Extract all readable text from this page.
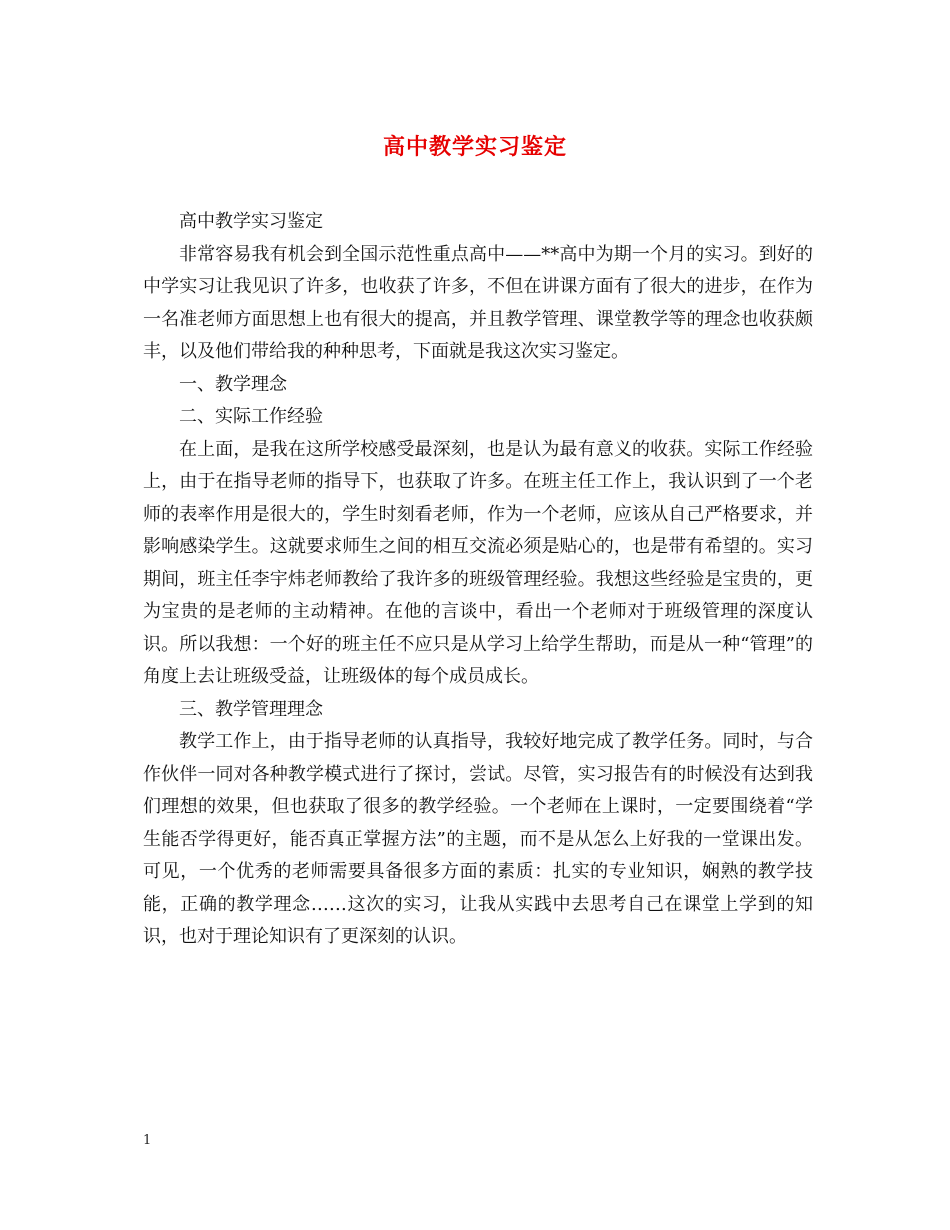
高中教学实习鉴定

高中教学实习鉴定

非常容易我有机会到全国示范性重点高中——**高中为期一个月的实习。到好的中学实习让我见识了许多，也收获了许多，不但在讲课方面有了很大的进步，在作为一名准老师方面思想上也有很大的提高，并且教学管理、课堂教学等的理念也收获颇丰，以及他们带给我的种种思考，下面就是我这次实习鉴定。

一、教学理念

二、实际工作经验

在上面，是我在这所学校感受最深刻，也是认为最有意义的收获。实际工作经验上，由于在指导老师的指导下，也获取了许多。在班主任工作上，我认识到了一个老师的表率作用是很大的，学生时刻看老师，作为一个老师，应该从自己严格要求，并影响感染学生。这就要求师生之间的相互交流必须是贴心的，也是带有希望的。实习期间，班主任李宇炜老师教给了我许多的班级管理经验。我想这些经验是宝贵的，更为宝贵的是老师的主动精神。在他的言谈中，看出一个老师对于班级管理的深度认识。所以我想：一个好的班主任不应只是从学习上给学生帮助，而是从一种“管理”的角度上去让班级受益，让班级体的每个成员成长。

三、教学管理理念

教学工作上，由于指导老师的认真指导，我较好地完成了教学任务。同时，与合作伙伴一同对各种教学模式进行了探讨，尝试。尽管，实习报告有的时候没有达到我们理想的效果，但也获取了很多的教学经验。一个老师在上课时，一定要围绕着“学生能否学得更好，能否真正掌握方法”的主题，而不是从怎么上好我的一堂课出发。可见，一个优秀的老师需要具备很多方面的素质：扎实的专业知识，娴熟的教学技能，正确的教学理念……这次的实习，让我从实践中去思考自己在课堂上学到的知识，也对于理论知识有了更深刻的认识。

1
